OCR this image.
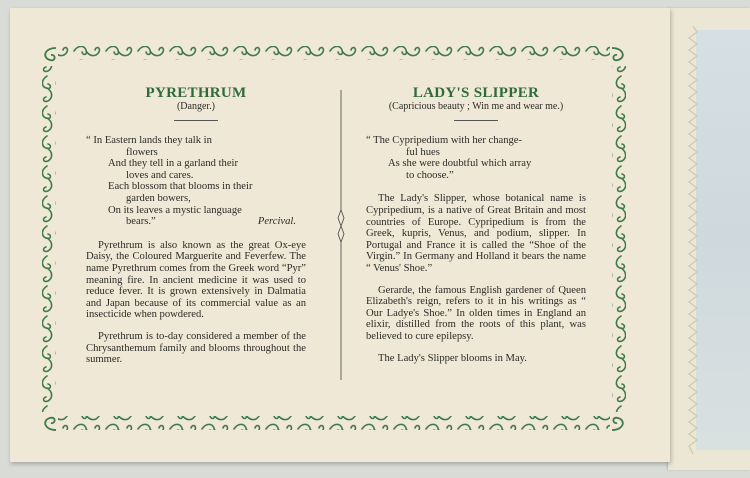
PYRETHRUM
(Danger.)

“ In Eastern lands they talk in

flowers

And they tell in a garland their

loves and cares.

Each blossom that blooms in their

garden bowers,

On its leaves a mystic language

bears.”	Percival.

Pyrethrum is also known as the great Ox-eye Daisy, the Coloured Marguerite and Feverfew. The name Pyrethrum comes from the Greek word “Pyr” meaning fire. In ancient medicine it was used to reduce fever. It is grown extensively in Dalmatia and Japan because of its commercial value as an insecticide when powdered.

Pyrethrum is to-day considered a member of the Chrysanthemum family and blooms throughout the summer.

LADY'S SLIPPER
(Capricious beauty ; Win me and wear me.)

“ The Cypripedium with her change-

ful hues

As she were doubtful which array

to choose.”

The Lady's Slipper, whose botanical name is Cypripedium, is a native of Great Britain and most countries of Europe. Cypripedium is from the Greek, kupris, Venus, and podium, slipper. In Portugal and France it is called the “Shoe of the Virgin.” In Germany and Holland it bears the name “ Venus' Shoe.”

Gerarde, the famous English gardener of Queen Elizabeth's reign, refers to it in his writings as “ Our Ladye's Shoe.” In olden times in England an elixir, distilled from the roots of this plant, was believed to cure epilepsy.

The Lady's Slipper blooms in May.
